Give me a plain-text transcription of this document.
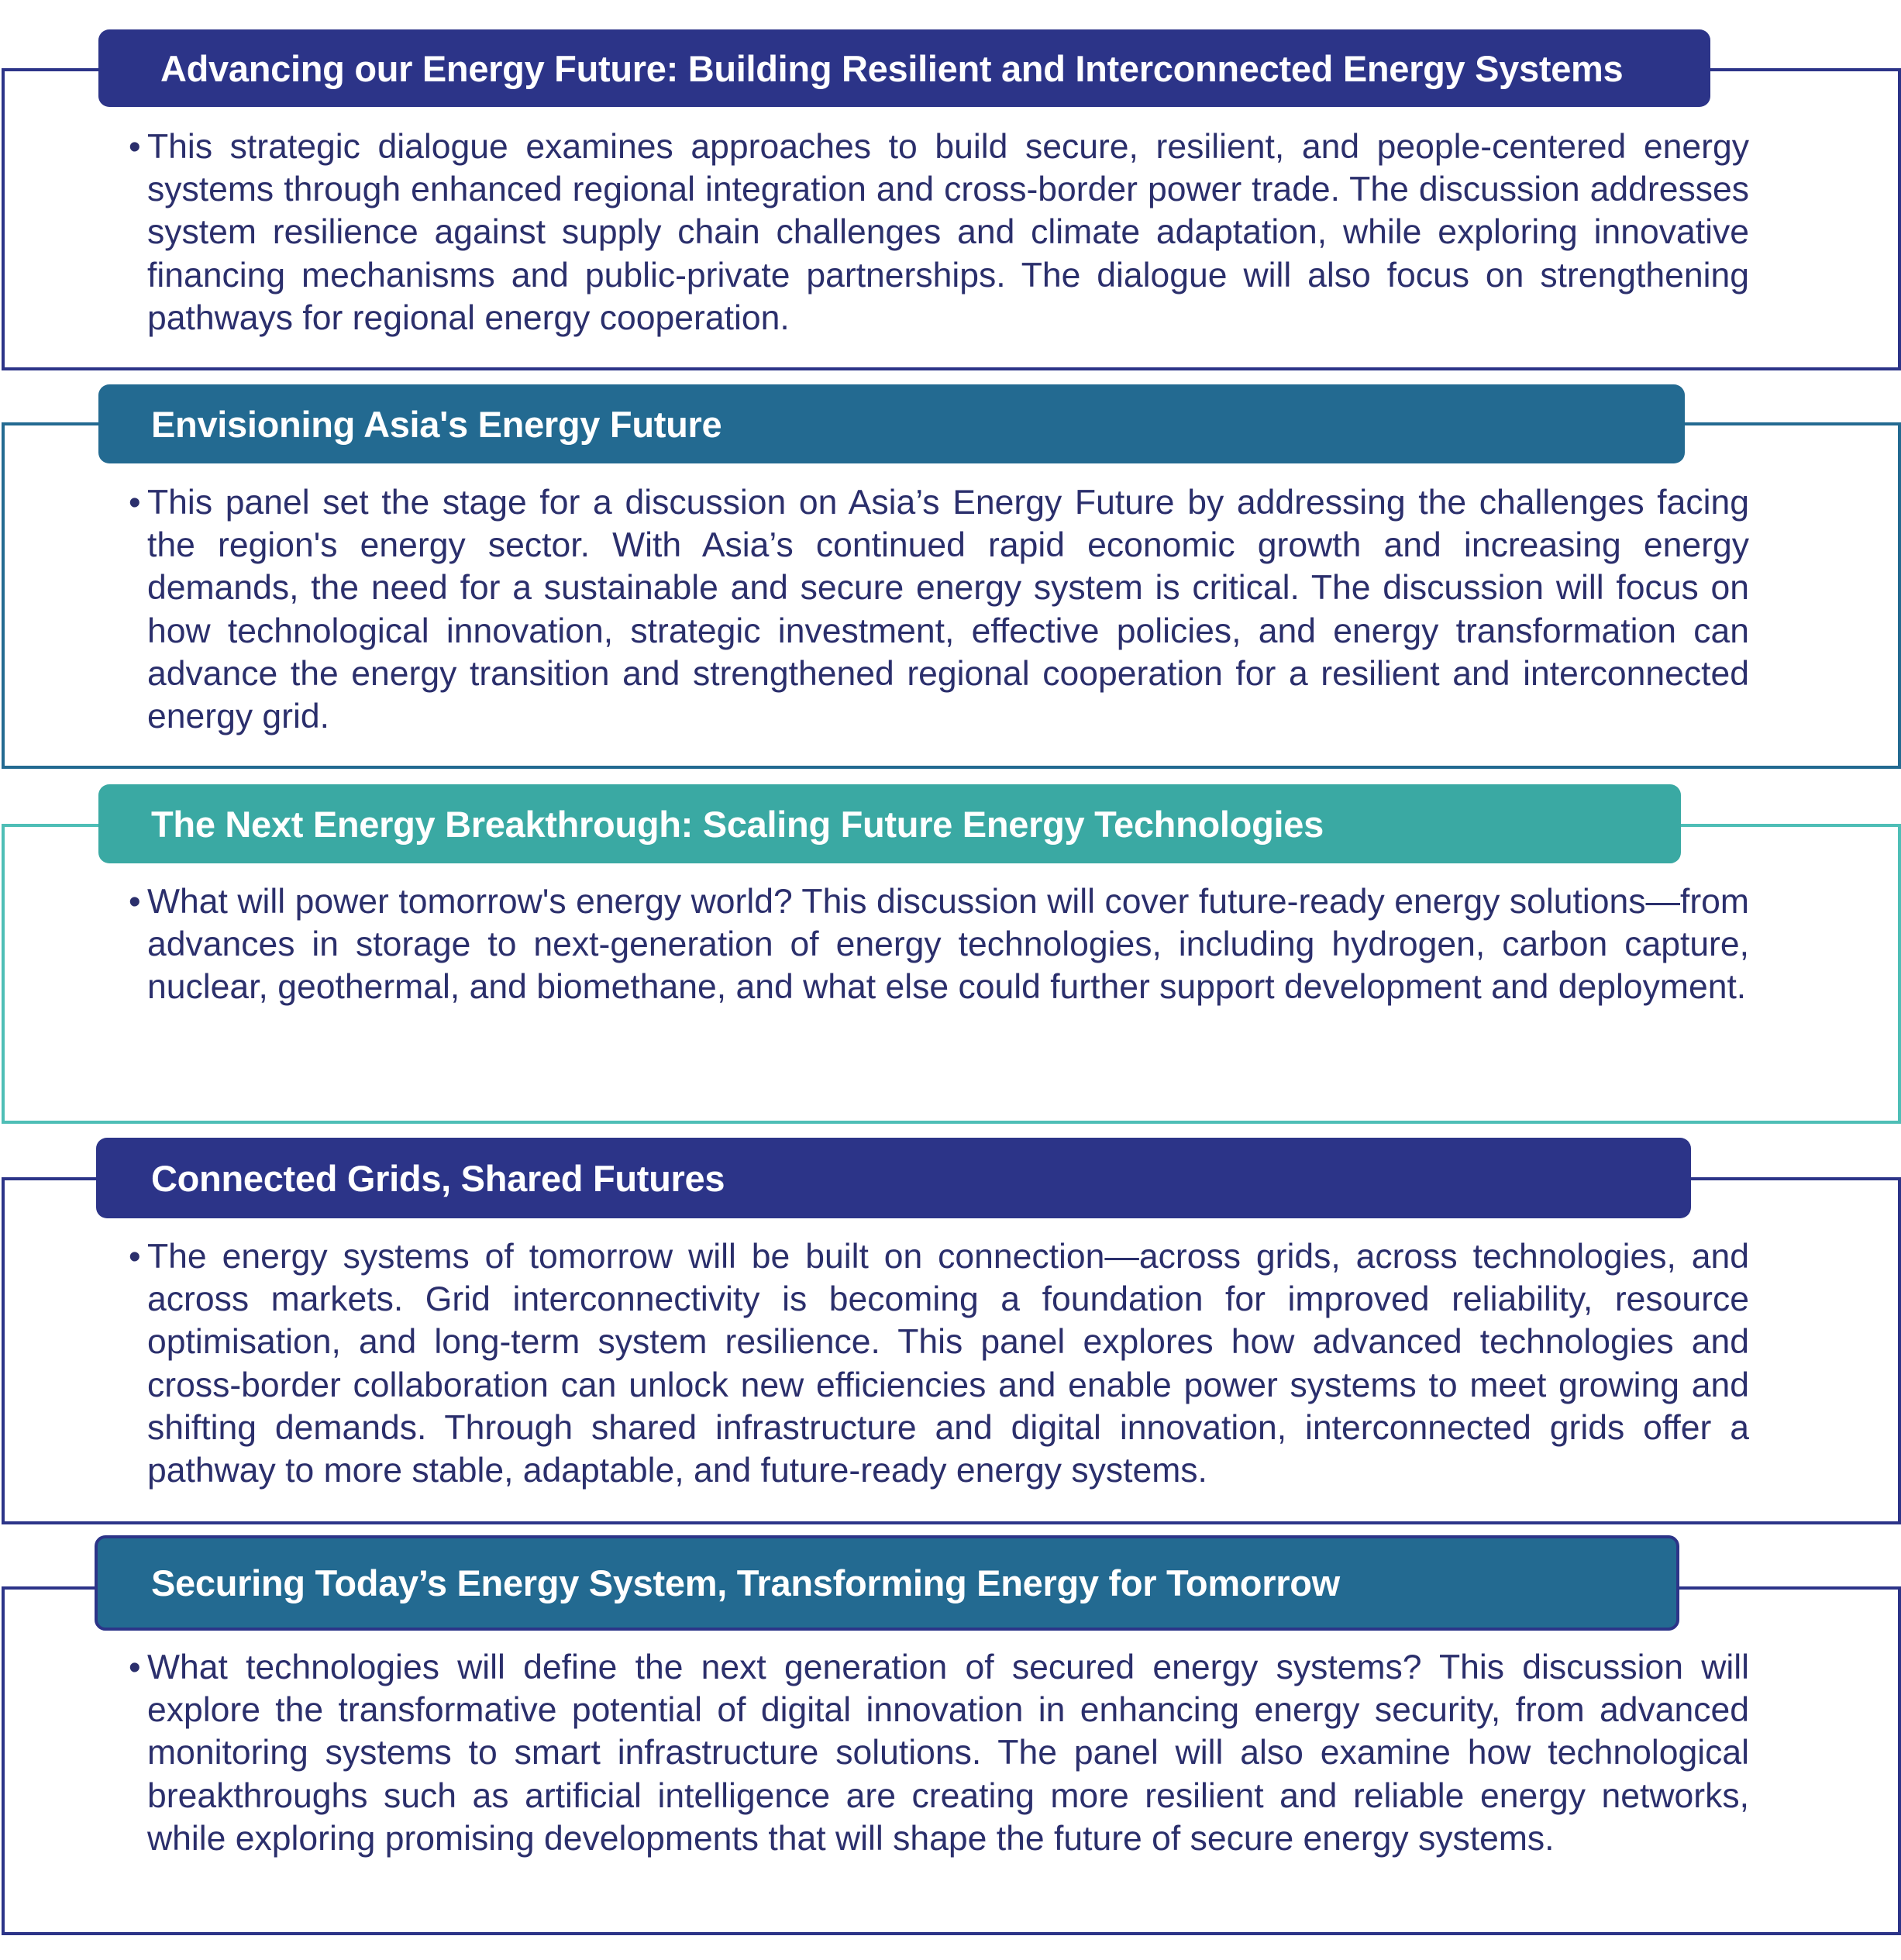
Advancing our Energy Future: Building Resilient and Interconnected Energy Systems
• This strategic dialogue examines approaches to build secure, resilient, and people-centered energy systems through enhanced regional integration and cross-border power trade. The discussion addresses system resilience against supply chain challenges and climate adaptation, while exploring innovative financing mechanisms and public-private partnerships. The dialogue will also focus on strengthening pathways for regional energy cooperation.
Envisioning Asia's Energy Future
• This panel set the stage for a discussion on Asia’s Energy Future by addressing the challenges facing the region's energy sector. With Asia’s continued rapid economic growth and increasing energy demands, the need for a sustainable and secure energy system is critical. The discussion will focus on how technological innovation, strategic investment, effective policies, and energy transformation can advance the energy transition and strengthened regional cooperation for a resilient and interconnected energy grid.
The Next Energy Breakthrough: Scaling Future Energy Technologies
• What will power tomorrow's energy world? This discussion will cover future-ready energy solutions—from advances in storage to next-generation of energy technologies, including hydrogen, carbon capture, nuclear, geothermal, and biomethane, and what else could further support development and deployment.
Connected Grids, Shared Futures
• The energy systems of tomorrow will be built on connection—across grids, across technologies, and across markets. Grid interconnectivity is becoming a foundation for improved reliability, resource optimisation, and long-term system resilience. This panel explores how advanced technologies and cross-border collaboration can unlock new efficiencies and enable power systems to meet growing and shifting demands. Through shared infrastructure and digital innovation, interconnected grids offer a pathway to more stable, adaptable, and future-ready energy systems.
Securing Today’s Energy System, Transforming Energy for Tomorrow
• What technologies will define the next generation of secured energy systems? This discussion will explore the transformative potential of digital innovation in enhancing energy security, from advanced monitoring systems to smart infrastructure solutions. The panel will also examine how technological breakthroughs such as artificial intelligence are creating more resilient and reliable energy networks, while exploring promising developments that will shape the future of secure energy systems.
